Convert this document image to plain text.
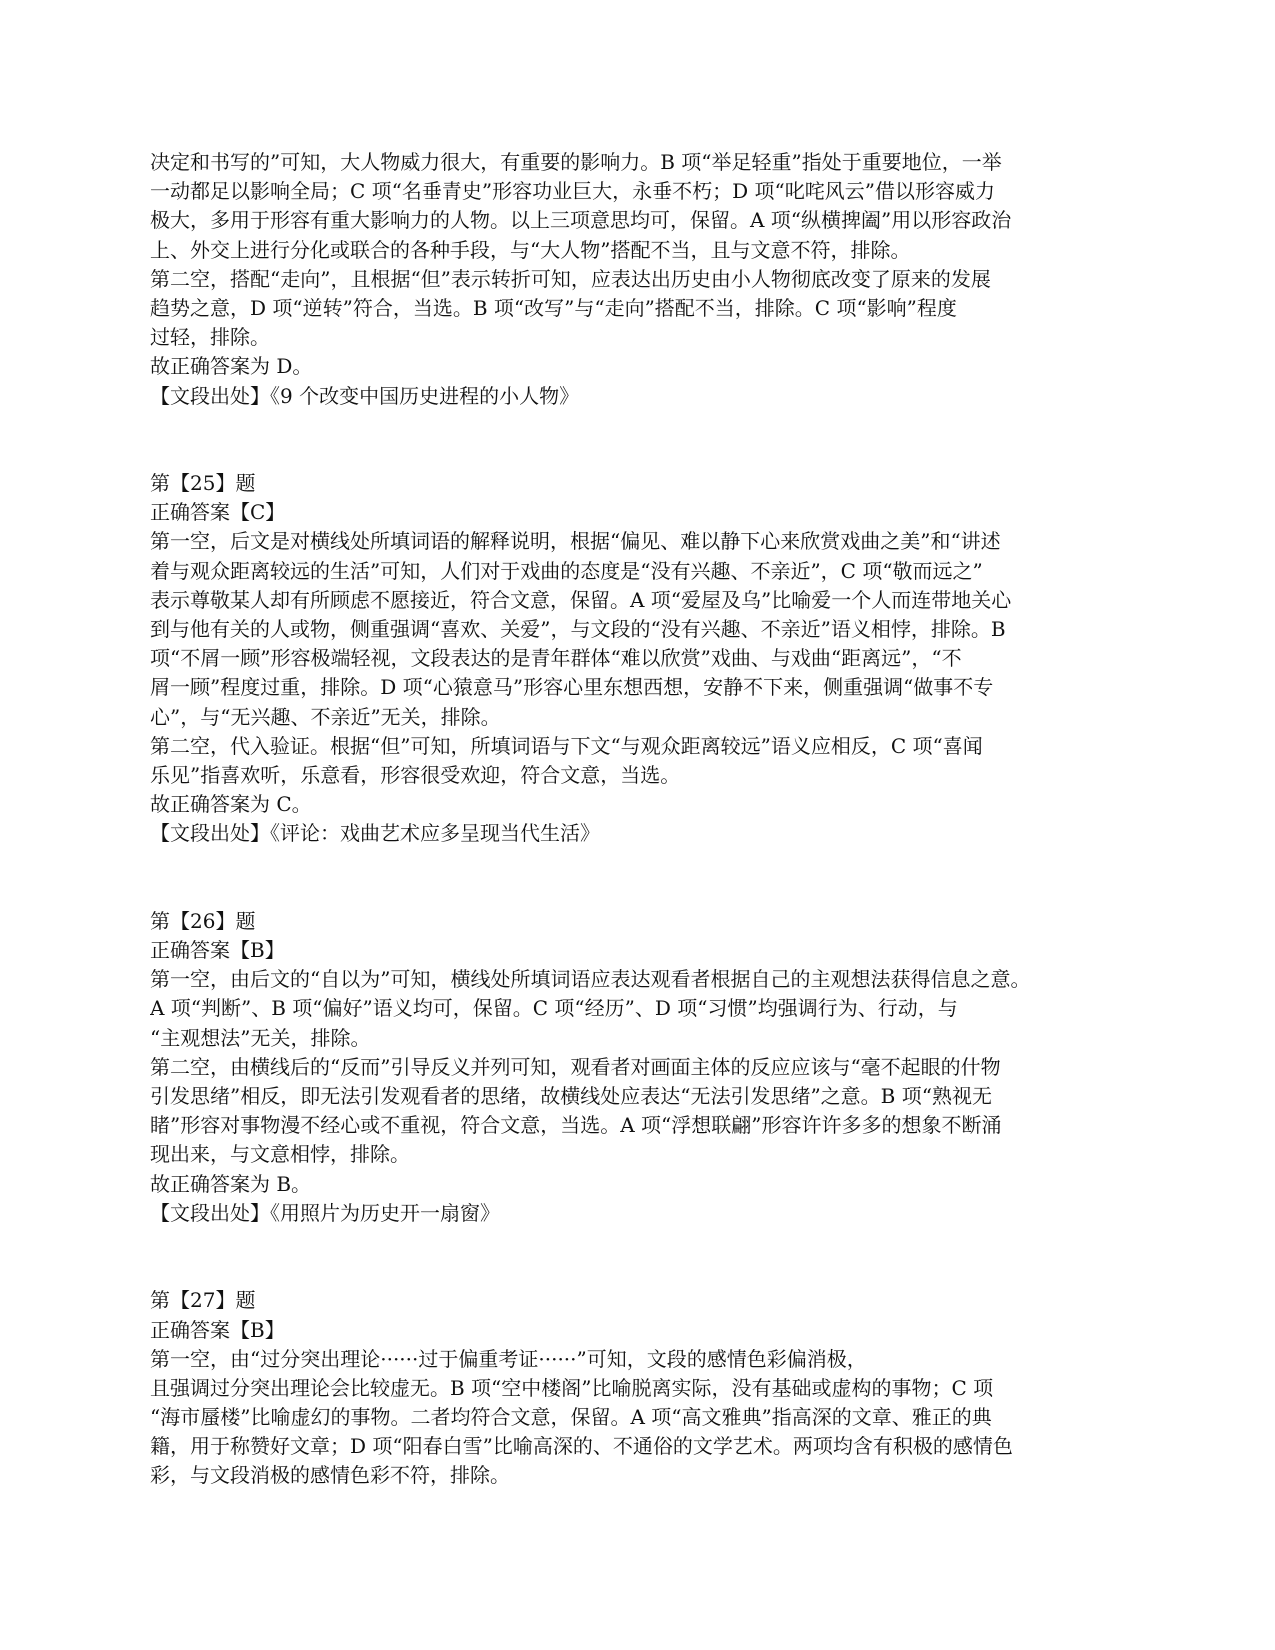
决定和书写的”可知，大人物威力很大，有重要的影响力。B 项“举足轻重”指处于重要地位，一举
一动都足以影响全局；C 项“名垂青史”形容功业巨大，永垂不朽；D 项“叱咤风云”借以形容威力
极大，多用于形容有重大影响力的人物。以上三项意思均可，保留。A 项“纵横捭阖”用以形容政治
上、外交上进行分化或联合的各种手段，与“大人物”搭配不当，且与文意不符，排除。
第二空，搭配“走向”，且根据“但”表示转折可知，应表达出历史由小人物彻底改变了原来的发展
趋势之意，D 项“逆转”符合，当选。B 项“改写”与“走向”搭配不当，排除。C 项“影响”程度
过轻，排除。
故正确答案为 D。
【文段出处】《9 个改变中国历史进程的小人物》
第【25】题
正确答案【C】
第一空，后文是对横线处所填词语的解释说明，根据“偏见、难以静下心来欣赏戏曲之美”和“讲述
着与观众距离较远的生活”可知，人们对于戏曲的态度是“没有兴趣、不亲近”，C 项“敬而远之”
表示尊敬某人却有所顾虑不愿接近，符合文意，保留。A 项“爱屋及乌”比喻爱一个人而连带地关心
到与他有关的人或物，侧重强调“喜欢、关爱”，与文段的“没有兴趣、不亲近”语义相悖，排除。B
项“不屑一顾”形容极端轻视，文段表达的是青年群体“难以欣赏”戏曲、与戏曲“距离远”，“不
屑一顾”程度过重，排除。D 项“心猿意马”形容心里东想西想，安静不下来，侧重强调“做事不专
心”，与“无兴趣、不亲近”无关，排除。
第二空，代入验证。根据“但”可知，所填词语与下文“与观众距离较远”语义应相反，C 项“喜闻
乐见”指喜欢听，乐意看，形容很受欢迎，符合文意，当选。
故正确答案为 C。
【文段出处】《评论：戏曲艺术应多呈现当代生活》
第【26】题
正确答案【B】
第一空，由后文的“自以为”可知，横线处所填词语应表达观看者根据自己的主观想法获得信息之意。
A 项“判断”、B 项“偏好”语义均可，保留。C 项“经历”、D 项“习惯”均强调行为、行动，与
“主观想法”无关，排除。
第二空，由横线后的“反而”引导反义并列可知，观看者对画面主体的反应应该与“毫不起眼的什物
引发思绪”相反，即无法引发观看者的思绪，故横线处应表达“无法引发思绪”之意。B 项“熟视无
睹”形容对事物漫不经心或不重视，符合文意，当选。A 项“浮想联翩”形容许许多多的想象不断涌
现出来，与文意相悖，排除。
故正确答案为 B。
【文段出处】《用照片为历史开一扇窗》
第【27】题
正确答案【B】
第一空，由“过分突出理论······过于偏重考证······”可知，文段的感情色彩偏消极，
且强调过分突出理论会比较虚无。B 项“空中楼阁”比喻脱离实际，没有基础或虚构的事物；C 项
“海市蜃楼”比喻虚幻的事物。二者均符合文意，保留。A 项“高文雅典”指高深的文章、雅正的典
籍，用于称赞好文章；D 项“阳春白雪”比喻高深的、不通俗的文学艺术。两项均含有积极的感情色
彩，与文段消极的感情色彩不符，排除。
